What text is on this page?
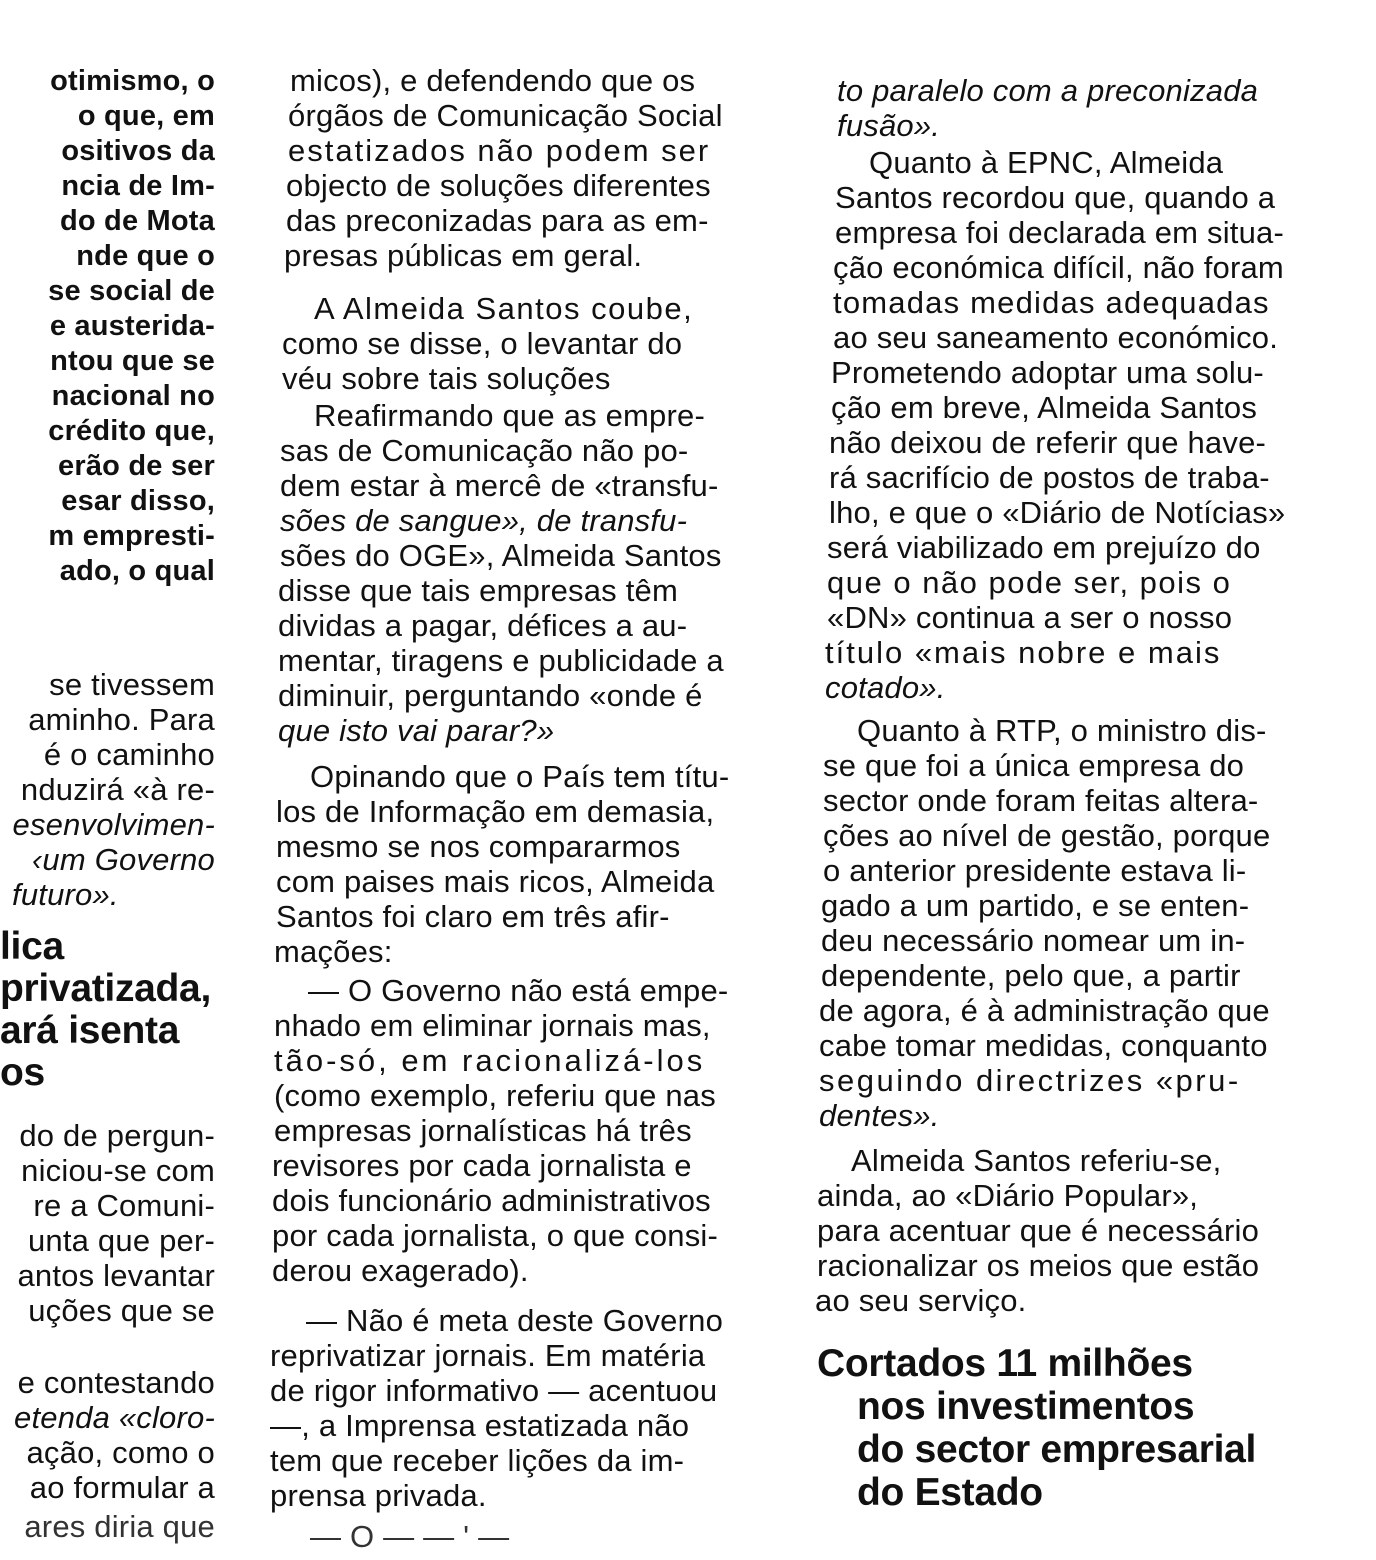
otimismo, o
o que, em
ositivos da
ncia de Im-
do de Mota
nde que o
se social de
e austerida-
ntou que se
nacional no
crédito que,
erão de ser
esar disso,
m empresti-
ado, o qual
se tivessem
aminho. Para
é o caminho
nduzirá «à re-
esenvolvimen-
‹um Governo
futuro».
lica
privatizada,
ará isenta
os
do de pergun-
niciou-se com
re a Comuni-
unta que per-
antos levantar
uções que se
e contestando
etenda «cloro-
ação, como o
ao formular a
ares diria que
micos), e defendendo que os
órgãos de Comunicação Social
estatizados não podem ser
objecto de soluções diferentes
das preconizadas para as em-
presas públicas em geral.
A Almeida Santos coube,
como se disse, o levantar do
véu sobre tais soluções
Reafirmando que as empre-
sas de Comunicação não po-
dem estar à mercê de «transfu-
sões de sangue», de transfu-
sões do OGE», Almeida Santos
disse que tais empresas têm
dividas a pagar, défices a au-
mentar, tiragens e publicidade a
diminuir, perguntando «onde é
que isto vai parar?»
Opinando que o País tem títu-
los de Informação em demasia,
mesmo se nos compararmos
com paises mais ricos, Almeida
Santos foi claro em três afir-
mações:
— O Governo não está empe-
nhado em eliminar jornais mas,
tão-só, em racionalizá-los
(como exemplo, referiu que nas
empresas jornalísticas há três
revisores por cada jornalista e
dois funcionário administrativos
por cada jornalista, o que consi-
derou exagerado).
— Não é meta deste Governo
reprivatizar jornais. Em matéria
de rigor informativo — acentuou
—, a Imprensa estatizada não
tem que receber lições da im-
prensa privada.
— O — — ' —
to paralelo com a preconizada
fusão».
Quanto à EPNC, Almeida
Santos recordou que, quando a
empresa foi declarada em situa-
ção económica difícil, não foram
tomadas medidas adequadas
ao seu saneamento económico.
Prometendo adoptar uma solu-
ção em breve, Almeida Santos
não deixou de referir que have-
rá sacrifício de postos de traba-
lho, e que o «Diário de Notícias»
será viabilizado em prejuízo do
que o não pode ser, pois o
«DN» continua a ser o nosso
título «mais nobre e mais
cotado».
Quanto à RTP, o ministro dis-
se que foi a única empresa do
sector onde foram feitas altera-
ções ao nível de gestão, porque
o anterior presidente estava li-
gado a um partido, e se enten-
deu necessário nomear um in-
dependente, pelo que, a partir
de agora, é à administração que
cabe tomar medidas, conquanto
seguindo directrizes «pru-
dentes».
Almeida Santos referiu-se,
ainda, ao «Diário Popular»,
para acentuar que é necessário
racionalizar os meios que estão
ao seu serviço.
Cortados 11 milhões
nos investimentos
do sector empresarial
do Estado
